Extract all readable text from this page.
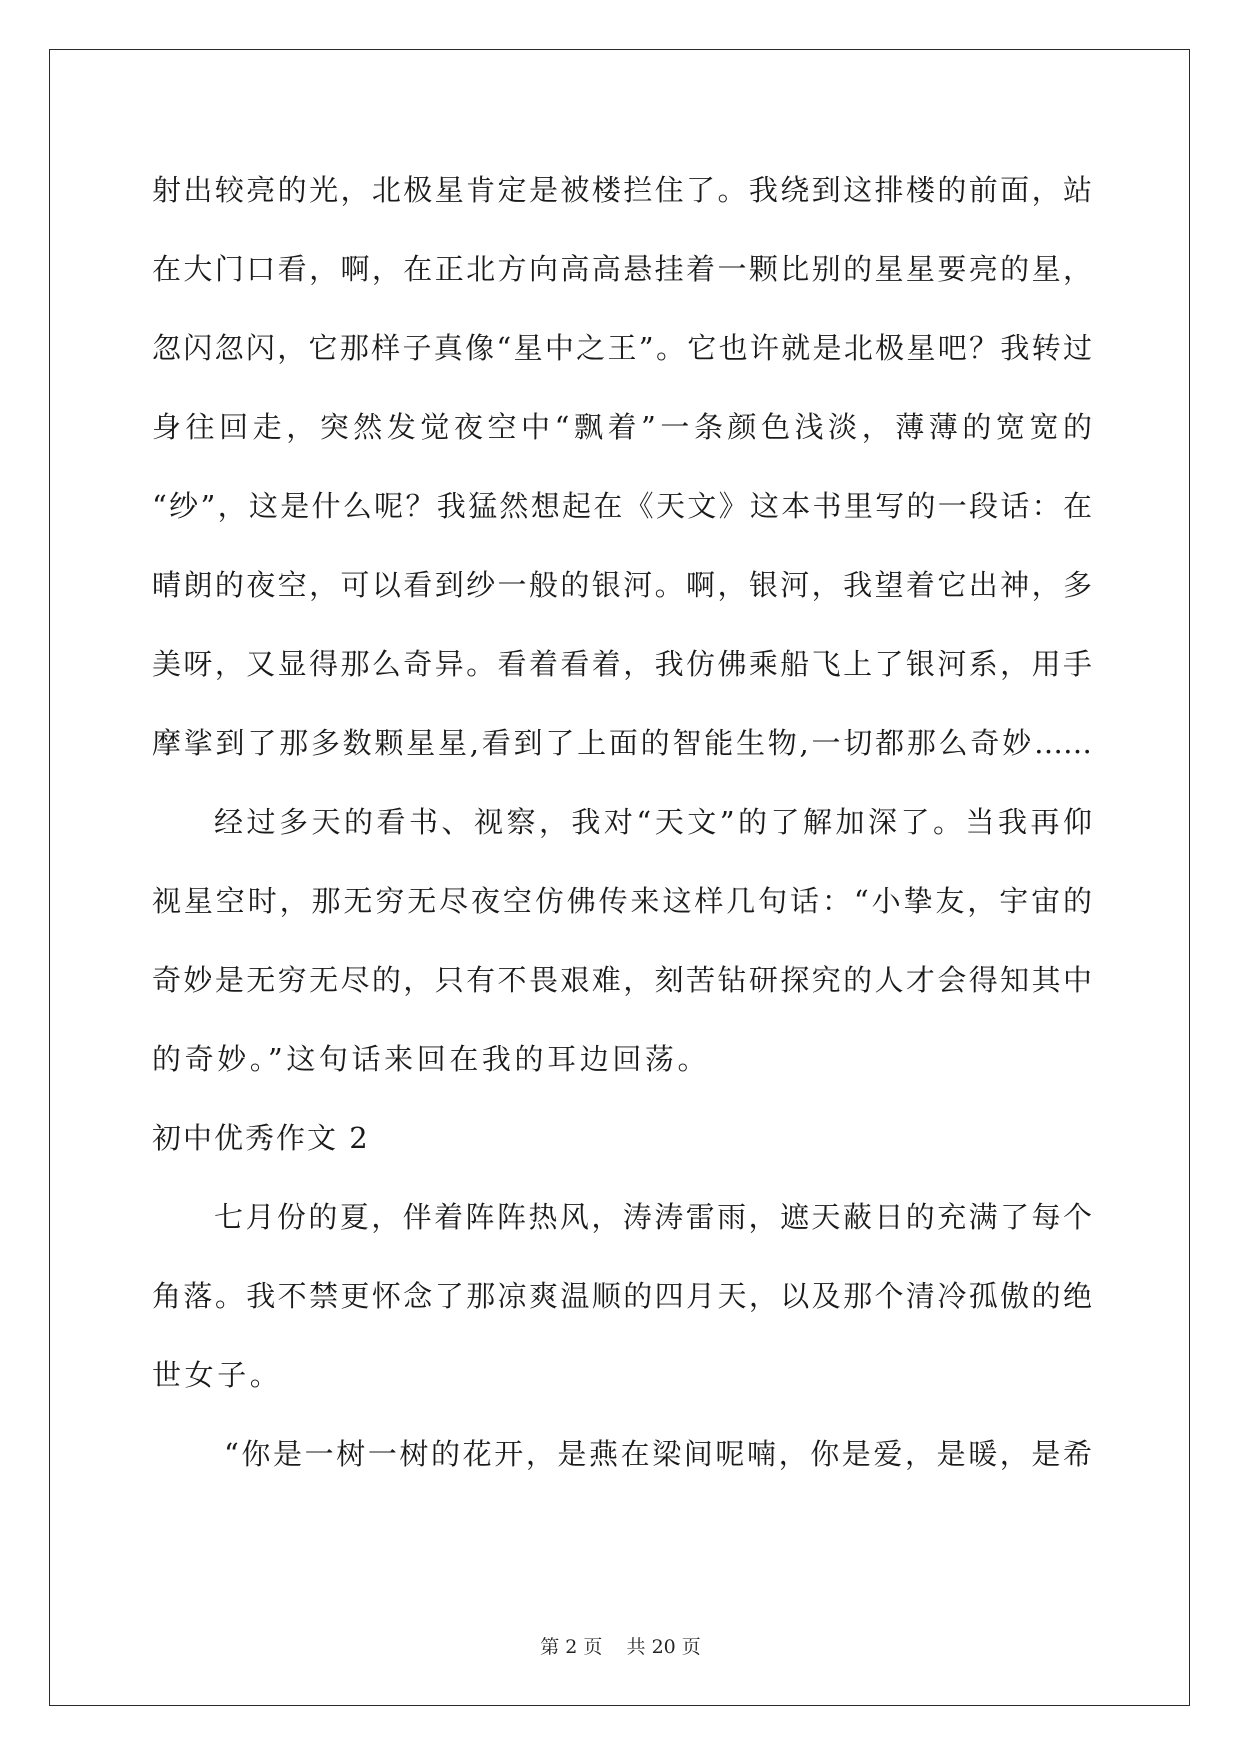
射出较亮的光，北极星肯定是被楼拦住了。我绕到这排楼的前面，站
在大门口看，啊，在正北方向高高悬挂着一颗比别的星星要亮的星，
忽闪忽闪，它那样子真像“星中之王”。它也许就是北极星吧？我转过
身往回走，突然发觉夜空中“飘着”一条颜色浅淡，薄薄的宽宽的
“纱”，这是什么呢？我猛然想起在《天文》这本书里写的一段话：在
晴朗的夜空，可以看到纱一般的银河。啊，银河，我望着它出神，多
美呀，又显得那么奇异。看着看着，我仿佛乘船飞上了银河系，用手
摩挲到了那多数颗星星,看到了上面的智能生物,一切都那么奇妙……
经过多天的看书、视察，我对“天文”的了解加深了。当我再仰
视星空时，那无穷无尽夜空仿佛传来这样几句话：“小挚友，宇宙的
奇妙是无穷无尽的，只有不畏艰难，刻苦钻研探究的人才会得知其中
的奇妙。”这句话来回在我的耳边回荡。
初中优秀作文 2
七月份的夏，伴着阵阵热风，涛涛雷雨，遮天蔽日的充满了每个
角落。我不禁更怀念了那凉爽温顺的四月天，以及那个清冷孤傲的绝
世女子。
“你是一树一树的花开，是燕在梁间呢喃，你是爱，是暖，是希
第 2 页 共 20 页
